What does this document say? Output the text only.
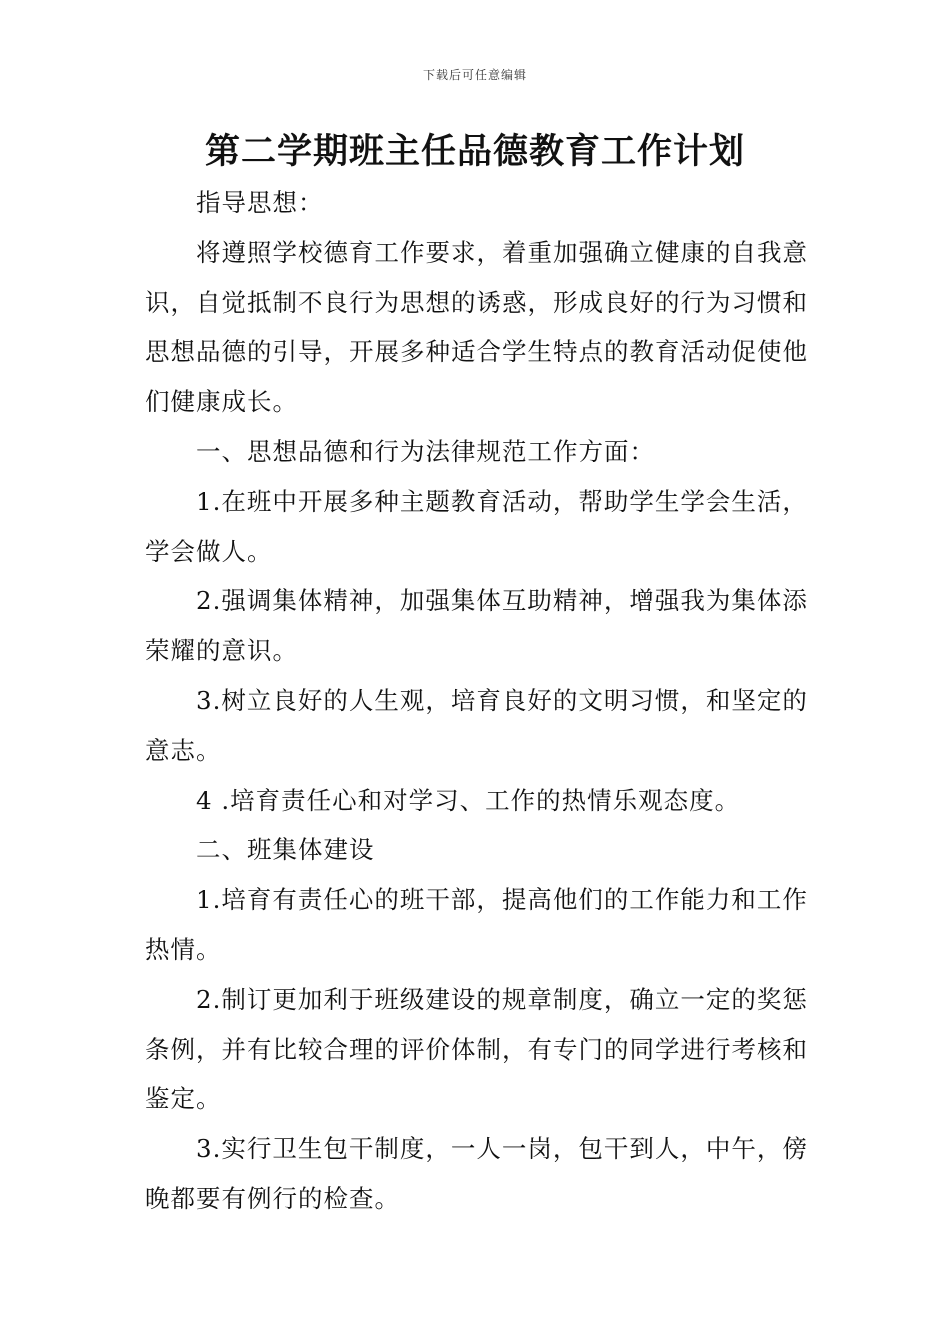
下载后可任意编辑
第二学期班主任品德教育工作计划

指导思想：

将遵照学校德育工作要求，着重加强确立健康的自我意识，自觉抵制不良行为思想的诱惑，形成良好的行为习惯和思想品德的引导，开展多种适合学生特点的教育活动促使他们健康成长。

一、思想品德和行为法律规范工作方面：

1.在班中开展多种主题教育活动，帮助学生学会生活，学会做人。

2.强调集体精神，加强集体互助精神，增强我为集体添荣耀的意识。

3.树立良好的人生观，培育良好的文明习惯，和坚定的意志。

4 .培育责任心和对学习、工作的热情乐观态度。

二、班集体建设

1.培育有责任心的班干部，提高他们的工作能力和工作热情。

2.制订更加利于班级建设的规章制度，确立一定的奖惩条例，并有比较合理的评价体制，有专门的同学进行考核和鉴定。

3.实行卫生包干制度，一人一岗，包干到人，中午，傍晚都要有例行的检查。
